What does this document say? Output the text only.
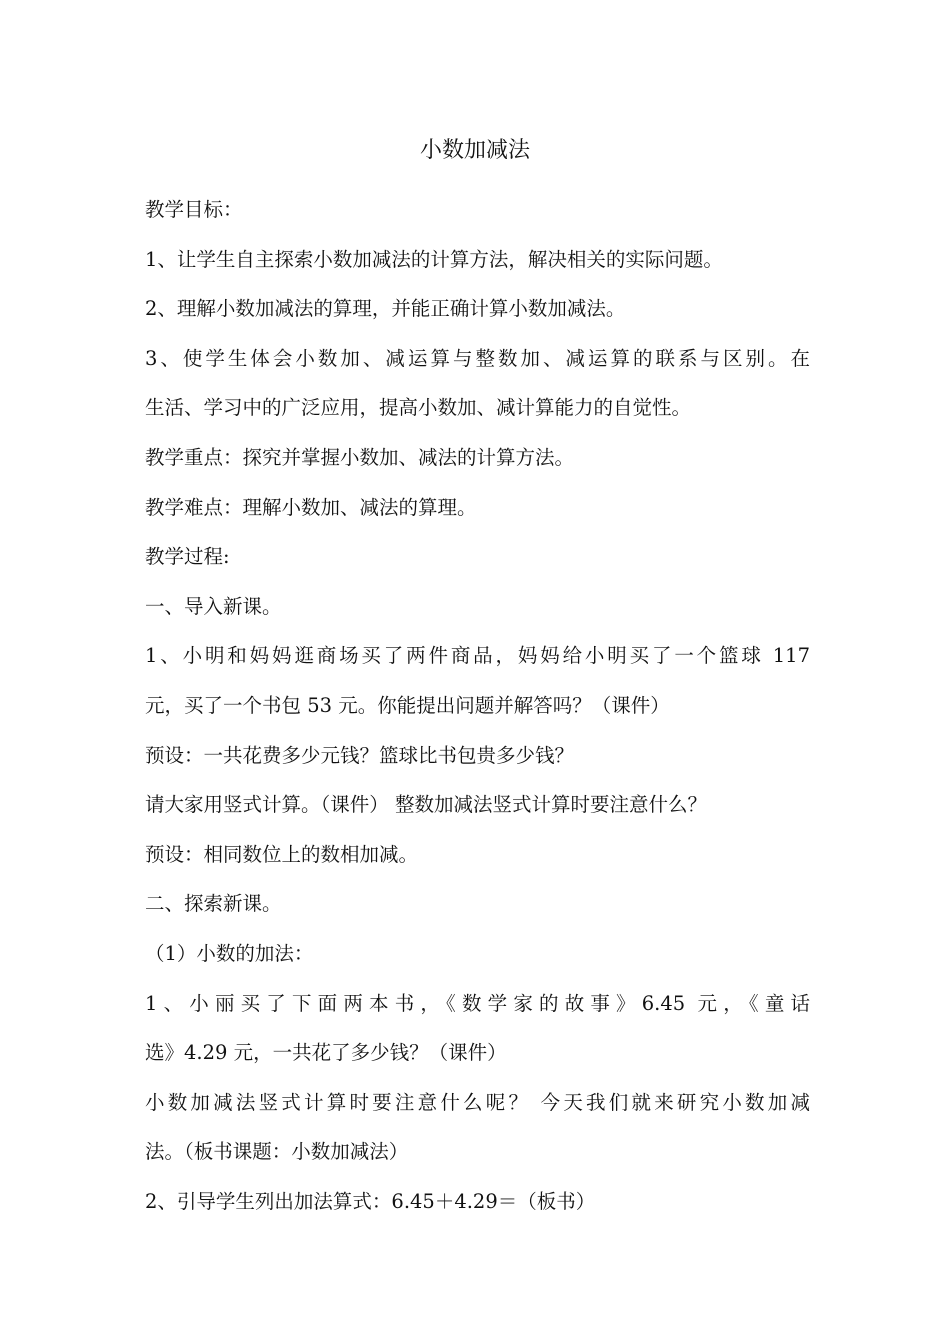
小数加减法
教学目标：
1、让学生自主探索小数加减法的计算方法，解决相关的实际问题。
2、理解小数加减法的算理，并能正确计算小数加减法。
3、使学生体会小数加、减运算与整数加、减运算的联系与区别。在
生活、学习中的广泛应用，提高小数加、减计算能力的自觉性。
教学重点：探究并掌握小数加、减法的计算方法。
教学难点：理解小数加、减法的算理。
教学过程:
一、导入新课。
1、小明和妈妈逛商场买了两件商品，妈妈给小明买了一个篮球 117
元，买了一个书包 53 元。你能提出问题并解答吗？（课件）
预设：一共花费多少元钱？篮球比书包贵多少钱？
请大家用竖式计算。（课件） 整数加减法竖式计算时要注意什么？
预设：相同数位上的数相加减。
二、探索新课。
（1）小数的加法：
1、小丽买了下面两本书，《数学家的故事》6.45 元，《童话
选》4.29 元，一共花了多少钱？（课件）
小数加减法竖式计算时要注意什么呢？ 今天我们就来研究小数加减
法。（板书课题：小数加减法）
2、引导学生列出加法算式：6.45＋4.29＝（板书）
